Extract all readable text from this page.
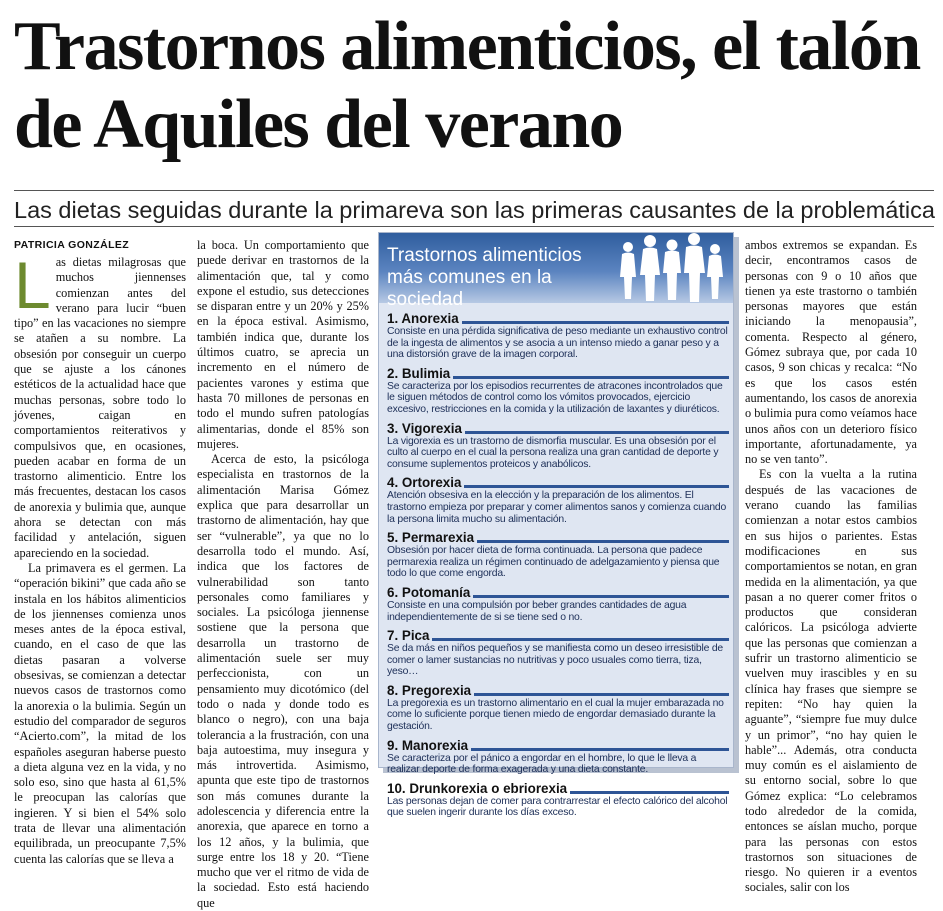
Trastornos alimenticios, el talón de Aquiles del verano
Las dietas seguidas durante la primareva son las primeras causantes de la problemática
PATRICIA GONZÁLEZ
L as dietas milagrosas que muchos jiennenses comienzan antes del verano para lucir “buen tipo” en las vacaciones no siempre se atañen a su nombre. La obsesión por conseguir un cuerpo que se ajuste a los cánones estéticos de la actualidad hace que muchas personas, sobre todo lo jóvenes, caigan en comportamientos reiterativos y compulsivos que, en ocasiones, pueden acabar en forma de un trastorno alimenticio. Entre los más frecuentes, destacan los casos de anorexia y bulimia que, aunque ahora se detectan con más facilidad y antelación, siguen apareciendo en la sociedad.

La primavera es el germen. La “operación bikini” que cada año se instala en los hábitos alimenticios de los jiennenses comienza unos meses antes de la época estival, cuando, en el caso de que las dietas pasaran a volverse obsesivas, se comienzan a detectar nuevos casos de trastornos como la anorexia o la bulimia. Según un estudio del comparador de seguros “Acierto.com”, la mitad de los españoles aseguran haberse puesto a dieta alguna vez en la vida, y no solo eso, sino que hasta al 61,5% le preocupan las calorías que ingieren. Y si bien el 54% solo trata de llevar una alimentación equilibrada, un preocupante 7,5% cuenta las calorías que se lleva a

la boca. Un comportamiento que puede derivar en trastornos de la alimentación que, tal y como expone el estudio, sus detecciones se disparan entre y un 20% y 25% en la época estival. Asimismo, también indica que, durante los últimos cuatro, se aprecia un incremento en el número de pacientes varones y estima que hasta 70 millones de personas en todo el mundo sufren patologías alimentarias, donde el 85% son mujeres.

Acerca de esto, la psicóloga especialista en trastornos de la alimentación Marisa Gómez explica que para desarrollar un trastorno de alimentación, hay que ser “vulnerable”, ya que no lo desarrolla todo el mundo. Así, indica que los factores de vulnerabilidad son tanto personales como familiares y sociales. La psicóloga jiennense sostiene que la persona que desarrolla un trastorno de alimentación suele ser muy perfeccionista, con un pensamiento muy dicotómico (del todo o nada y donde todo es blanco o negro), con una baja tolerancia a la frustración, con una baja autoestima, muy insegura y más introvertida. Asimismo, apunta que este tipo de trastornos son más comunes durante la adolescencia y diferencia entre la anorexia, que aparece en torno a los 12 años, y la bulimia, que surge entre los 18 y 20. “Tiene mucho que ver el ritmo de vida de la sociedad. Esto está haciendo que

Trastornos alimenticios más comunes en la sociedad
1. Anorexia
Consiste en una pérdida significativa de peso mediante un exhaustivo control de la ingesta de alimentos y se asocia a un intenso miedo a ganar peso y a una distorsión grave de la imagen corporal.
2. Bulimia
Se caracteriza por los episodios recurrentes de atracones incontrolados que le siguen métodos de control como los vómitos provocados, ejercicio excesivo, restricciones en la comida y la utilización de laxantes y diuréticos.
3. Vigorexia
La vigorexia es un trastorno de dismorfia muscular. Es una obsesión por el culto al cuerpo en el cual la persona realiza una gran cantidad de deporte y consume suplementos proteicos y anabólicos.
4. Ortorexia
Atención obsesiva en la elección y la preparación de los alimentos. El trastorno empieza por preparar y comer alimentos sanos y comienza cuando la persona limita mucho su alimentación.
5. Permarexia
Obsesión por hacer dieta de forma continuada. La persona que padece permarexia realiza un régimen continuado de adelgazamiento y piensa que todo lo que come engorda.
6. Potomanía
Consiste en una compulsión por beber grandes cantidades de agua independientemente de si se tiene sed o no.
7. Pica
Se da más en niños pequeños y se manifiesta como un deseo irresistible de comer o lamer sustancias no nutritivas y poco usuales como tierra, tiza, yeso…
8. Pregorexia
La pregorexia es un trastorno alimentario en el cual la mujer embarazada no come lo suficiente porque tienen miedo de engordar demasiado durante la gestación.
9. Manorexia
Se caracteriza por el pánico a engordar en el hombre, lo que le lleva a realizar deporte de forma exagerada y una dieta constante.
10. Drunkorexia o ebriorexia
Las personas dejan de comer para contrarrestar el efecto calórico del alcohol que suelen ingerir durante los días exceso.

ambos extremos se expandan. Es decir, encontramos casos de personas con 9 o 10 años que tienen ya este trastorno o también personas mayores que están iniciando la menopausia”, comenta. Respecto al género, Gómez subraya que, por cada 10 casos, 9 son chicas y recalca: “No es que los casos estén aumentando, los casos de anorexia o bulimia pura como veíamos hace unos años con un deterioro físico importante, afortunadamente, ya no se ven tanto”.

Es con la vuelta a la rutina después de las vacaciones de verano cuando las familias comienzan a notar estos cambios en sus hijos o parientes. Estas modificaciones en sus comportamientos se notan, en gran medida en la alimentación, ya que pasan a no querer comer fritos o productos que consideran calóricos. La psicóloga advierte que las personas que comienzan a sufrir un trastorno alimenticio se vuelven muy irascibles y en su clínica hay frases que siempre se repiten: “No hay quien la aguante”, “siempre fue muy dulce y un primor”, “no hay quien le hable”... Además, otra conducta muy común es el aislamiento de su entorno social, sobre lo que Gómez explica: “Lo celebramos todo alrededor de la comida, entonces se aíslan mucho, porque para las personas con estos trastornos son situaciones de riesgo. No quieren ir a eventos sociales, salir con los
